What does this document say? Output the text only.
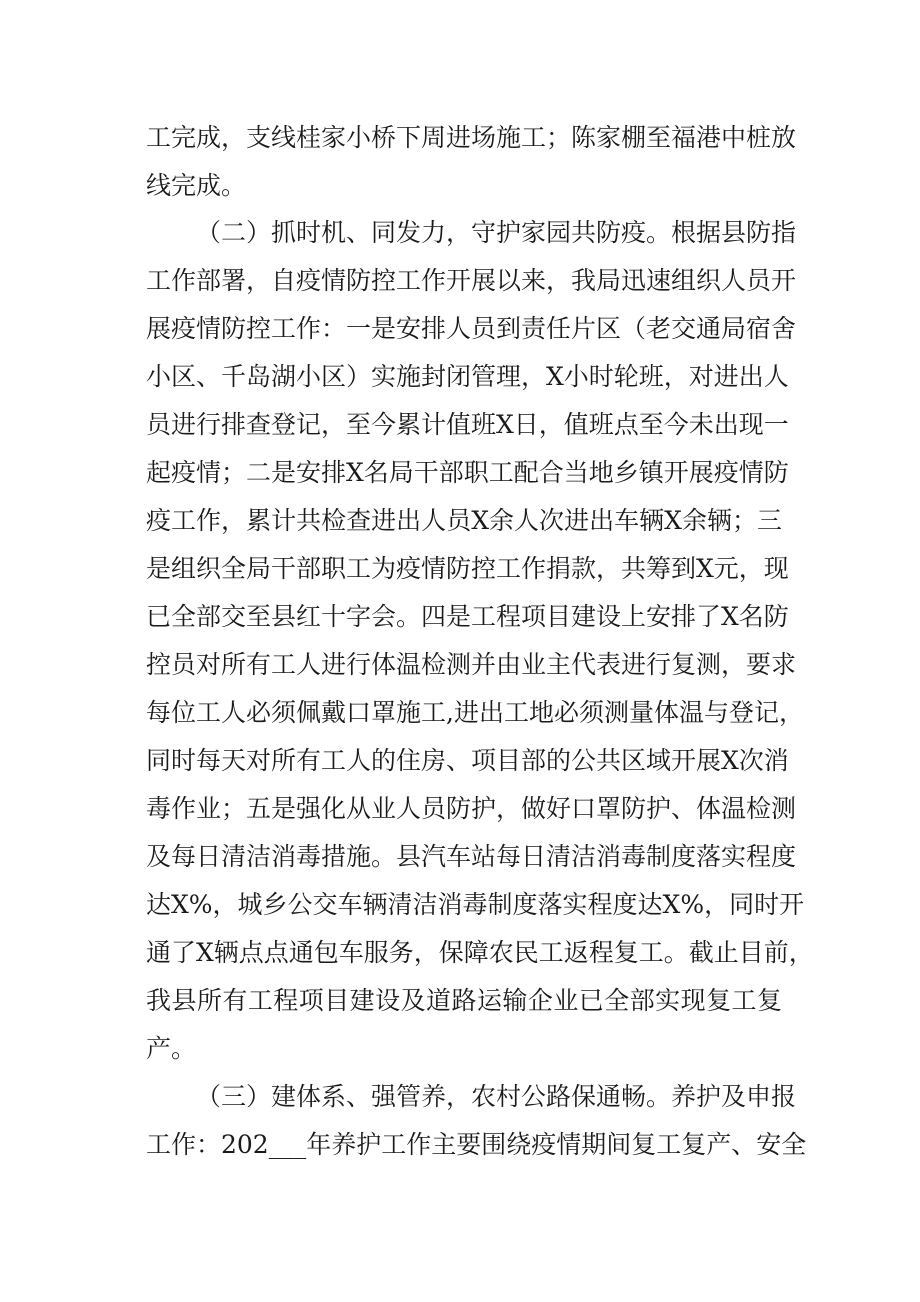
工完成，支线桂家小桥下周进场施工；陈家棚至福港中桩放
线完成。
（二）抓时机、同发力，守护家园共防疫。根据县防指
工作部署，自疫情防控工作开展以来，我局迅速组织人员开
展疫情防控工作：一是安排人员到责任片区（老交通局宿舍
小区、千岛湖小区）实施封闭管理，X小时轮班，对进出人
员进行排查登记，至今累计值班X日，值班点至今未出现一
起疫情；二是安排X名局干部职工配合当地乡镇开展疫情防
疫工作，累计共检查进出人员X余人次进出车辆X余辆；三
是组织全局干部职工为疫情防控工作捐款，共筹到X元，现
已全部交至县红十字会。四是工程项目建设上安排了X名防
控员对所有工人进行体温检测并由业主代表进行复测，要求
每位工人必须佩戴口罩施工,进出工地必须测量体温与登记，
同时每天对所有工人的住房、项目部的公共区域开展X次消
毒作业；五是强化从业人员防护，做好口罩防护、体温检测
及每日清洁消毒措施。县汽车站每日清洁消毒制度落实程度
达X%，城乡公交车辆清洁消毒制度落实程度达X%，同时开
通了X辆点点通包车服务，保障农民工返程复工。截止目前，
我县所有工程项目建设及道路运输企业已全部实现复工复
产。
（三）建体系、强管养，农村公路保通畅。养护及申报
工作：202___年养护工作主要围绕疫情期间复工复产、安全
